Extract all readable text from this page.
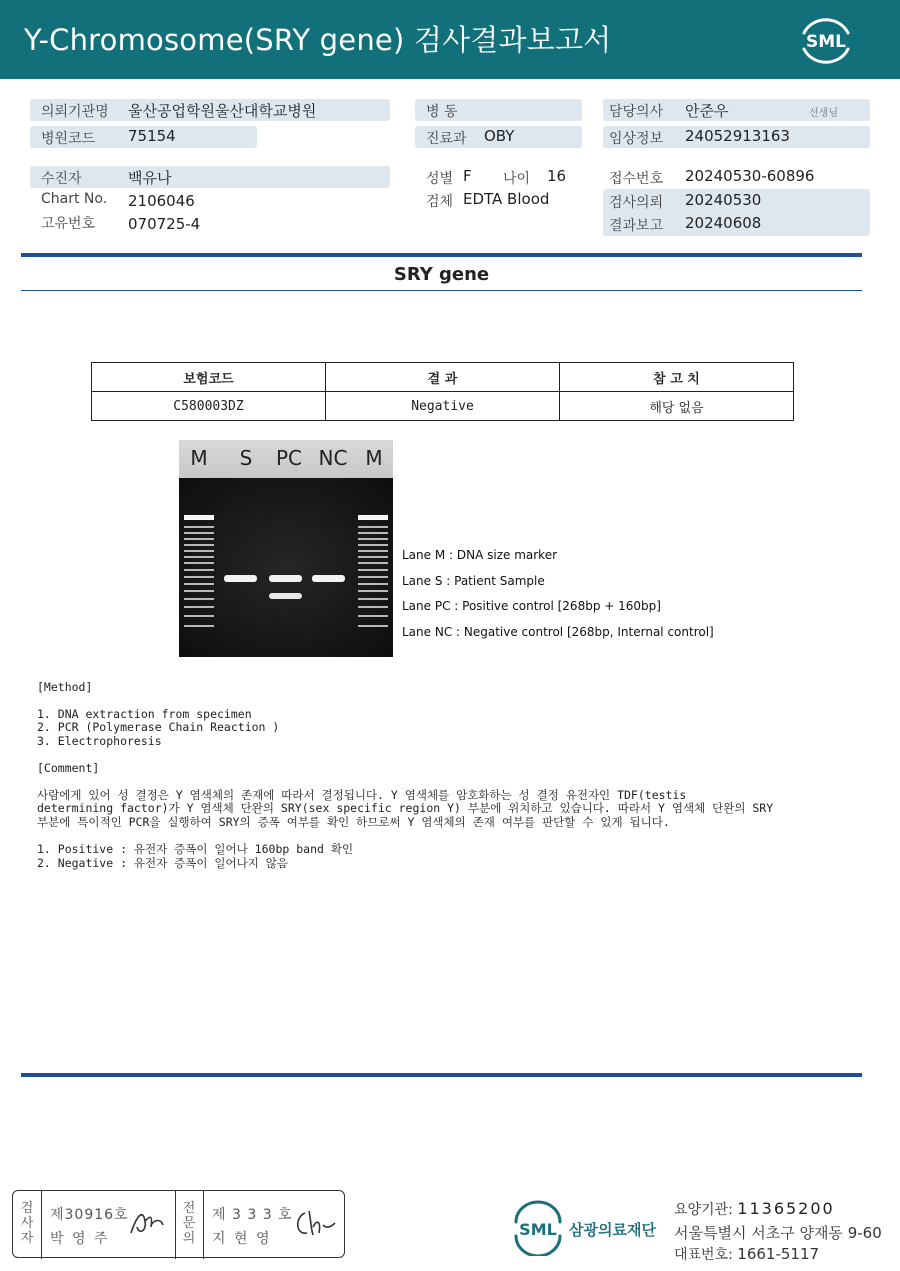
Y-Chromosome(SRY gene) 검사결과보고서	SML
의뢰기관명 울산공업학원울산대학교병원
병원코드 75154
수진자	백유나
Chart No. 2106046
고유번호 070725-4
병 동
진료과 OBY
성별 F 나이 16
검체 EDTA Blood
담당의사 안준우	선생님
임상정보 24052913163
접수번호 20240530-60896
검사의뢰 20240530
결과보고 20240608
SRY gene
보험코드	결 과	참 고 치
C580003DZ	Negative	해당 없음
M S PC NC M
Lane M : DNA size marker
Lane S : Patient Sample
Lane PC : Positive control [268bp + 160bp]
Lane NC : Negative control [268bp, Internal control]
[Method]
1. DNA extraction from specimen
2. PCR (Polymerase Chain Reaction )
3. Electrophoresis
[Comment]
사람에게 있어 성 결정은 Y 염색체의 존재에 따라서 결정됩니다. Y 염색체를 암호화하는 성 결정 유전자인 TDF(testis
determining factor)가 Y 염색체 단완의 SRY(sex specific region Y) 부분에 위치하고 있습니다. 따라서 Y 염색체 단완의 SRY
부분에 특이적인 PCR을 실행하여 SRY의 증폭 여부를 확인 하므로써 Y 염색체의 존재 여부를 판단할 수 있게 됩니다.
1. Positive : 유전자 증폭이 일어나 160bp band 확인
2. Negative : 유전자 증폭이 일어나지 않음
검
사
자
제30916호
박 영 주
전
문
의
제 3 3 3 호
지 현 영	SML 삼광의료재단
요양기관: 11365200
서울특별시 서초구 양재동 9-60
대표번호: 1661-5117
